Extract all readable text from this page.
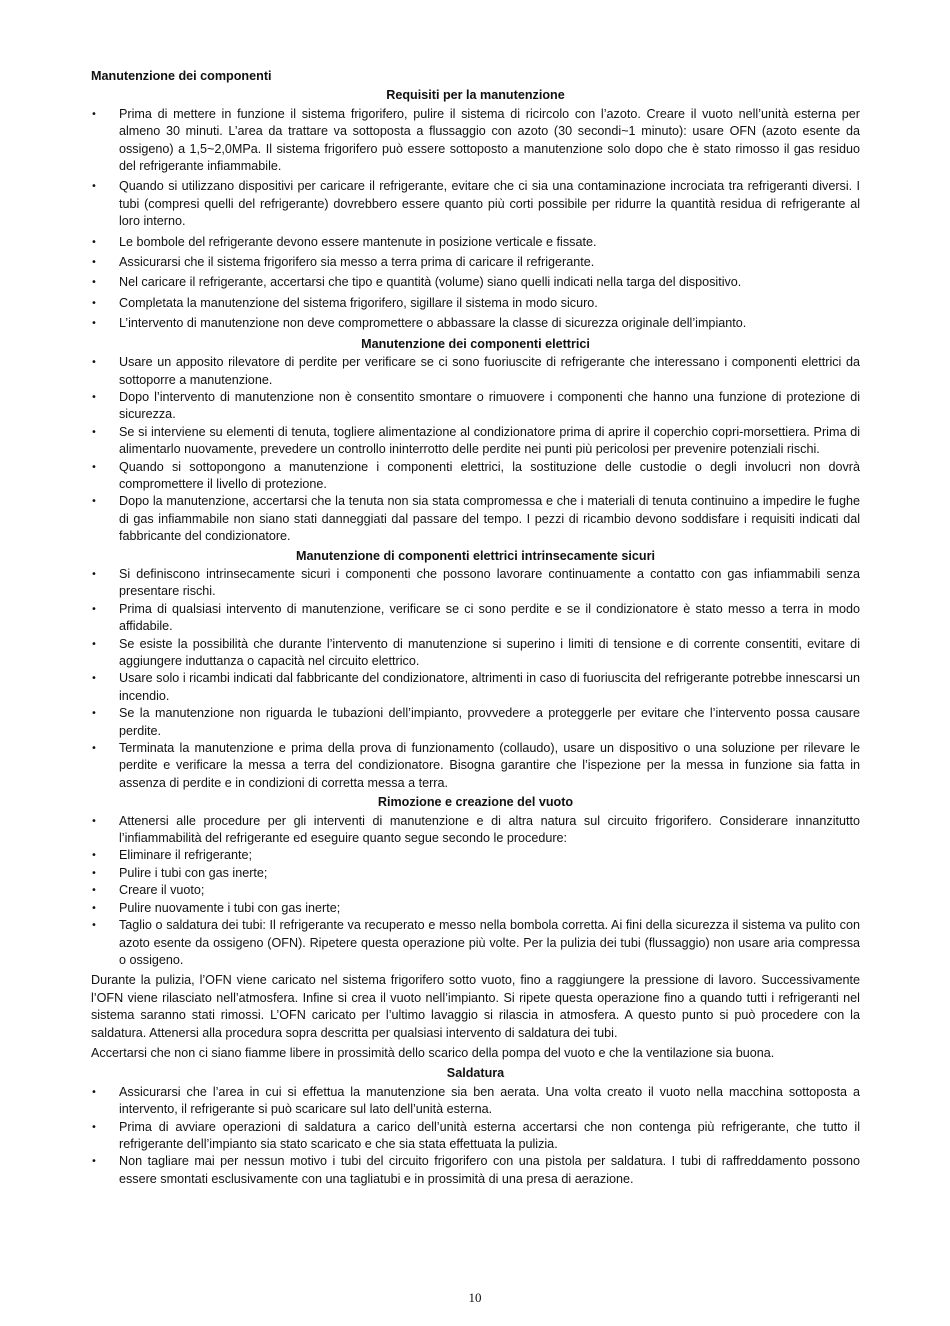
Manutenzione dei componenti
Requisiti per la manutenzione
• Prima di mettere in funzione il sistema frigorifero, pulire il sistema di ricircolo con l’azoto. Creare il vuoto nell’unità esterna per almeno 30 minuti. L’area da trattare va sottoposta a flussaggio con azoto (30 secondi~1 minuto): usare OFN (azoto esente da ossigeno) a 1,5~2,0MPa. Il sistema frigorifero può essere sottoposto a manutenzione solo dopo che è stato rimosso il gas residuo del refrigerante infiammabile.
• Quando si utilizzano dispositivi per caricare il refrigerante, evitare che ci sia una contaminazione incrociata tra refrigeranti diversi. I tubi (compresi quelli del refrigerante) dovrebbero essere quanto più corti possibile per ridurre la quantità residua di refrigerante al loro interno.
• Le bombole del refrigerante devono essere mantenute in posizione verticale e fissate.
• Assicurarsi che il sistema frigorifero sia messo a terra prima di caricare il refrigerante.
• Nel caricare il refrigerante, accertarsi che tipo e quantità (volume) siano quelli indicati nella targa del dispositivo.
• Completata la manutenzione del sistema frigorifero, sigillare il sistema in modo sicuro.
• L’intervento di manutenzione non deve compromettere o abbassare la classe di sicurezza originale dell’impianto.
Manutenzione dei componenti elettrici
• Usare un apposito rilevatore di perdite per verificare se ci sono fuoriuscite di refrigerante che interessano i componenti elettrici da sottoporre a manutenzione.
• Dopo l’intervento di manutenzione non è consentito smontare o rimuovere i componenti che hanno una funzione di protezione di sicurezza.
• Se si interviene su elementi di tenuta, togliere alimentazione al condizionatore prima di aprire il coperchio copri-morsettiera. Prima di alimentarlo nuovamente, prevedere un controllo ininterrotto delle perdite nei punti più pericolosi per prevenire potenziali rischi.
• Quando si sottopongono a manutenzione i componenti elettrici, la sostituzione delle custodie o degli involucri non dovrà compromettere il livello di protezione.
• Dopo la manutenzione, accertarsi che la tenuta non sia stata compromessa e che i materiali di tenuta continuino a impedire le fughe di gas infiammabile non siano stati danneggiati dal passare del tempo. I pezzi di ricambio devono soddisfare i requisiti indicati dal fabbricante del condizionatore.
Manutenzione di componenti elettrici intrinsecamente sicuri
• Si definiscono intrinsecamente sicuri i componenti che possono lavorare continuamente a contatto con gas infiammabili senza presentare rischi.
• Prima di qualsiasi intervento di manutenzione, verificare se ci sono perdite e se il condizionatore è stato messo a terra in modo affidabile.
• Se esiste la possibilità che durante l’intervento di manutenzione si superino i limiti di tensione e di corrente consentiti, evitare di aggiungere induttanza o capacità nel circuito elettrico.
• Usare solo i ricambi indicati dal fabbricante del condizionatore, altrimenti in caso di fuoriuscita del refrigerante potrebbe innescarsi un incendio.
• Se la manutenzione non riguarda le tubazioni dell’impianto, provvedere a proteggerle per evitare che l’intervento possa causare perdite.
• Terminata la manutenzione e prima della prova di funzionamento (collaudo), usare un dispositivo o una soluzione per rilevare le perdite e verificare la messa a terra del condizionatore. Bisogna garantire che l’ispezione per la messa in funzione sia fatta in assenza di perdite e in condizioni di corretta messa a terra.
Rimozione e creazione del vuoto
• Attenersi alle procedure per gli interventi di manutenzione e di altra natura sul circuito frigorifero. Considerare innanzitutto l’infiammabilità del refrigerante ed eseguire quanto segue secondo le procedure:
• Eliminare il refrigerante;
• Pulire i tubi con gas inerte;
• Creare il vuoto;
• Pulire nuovamente i tubi con gas inerte;
• Taglio o saldatura dei tubi: Il refrigerante va recuperato e messo nella bombola corretta. Ai fini della sicurezza il sistema va pulito con azoto esente da ossigeno (OFN). Ripetere questa operazione più volte. Per la pulizia dei tubi (flussaggio) non usare aria compressa o ossigeno.

Durante la pulizia, l’OFN viene caricato nel sistema frigorifero sotto vuoto, fino a raggiungere la pressione di lavoro. Successivamente l’OFN viene rilasciato nell’atmosfera. Infine si crea il vuoto nell’impianto. Si ripete questa operazione fino a quando tutti i refrigeranti nel sistema saranno stati rimossi. L’OFN caricato per l’ultimo lavaggio si rilascia in atmosfera. A questo punto si può procedere con la saldatura. Attenersi alla procedura sopra descritta per qualsiasi intervento di saldatura dei tubi.

Accertarsi che non ci siano fiamme libere in prossimità dello scarico della pompa del vuoto e che la ventilazione sia buona.

Saldatura
• Assicurarsi che l’area in cui si effettua la manutenzione sia ben aerata. Una volta creato il vuoto nella macchina sottoposta a intervento, il refrigerante si può scaricare sul lato dell’unità esterna.
• Prima di avviare operazioni di saldatura a carico dell’unità esterna accertarsi che non contenga più refrigerante, che tutto il refrigerante dell’impianto sia stato scaricato e che sia stata effettuata la pulizia.
• Non tagliare mai per nessun motivo i tubi del circuito frigorifero con una pistola per saldatura. I tubi di raffreddamento possono essere smontati esclusivamente con una tagliatubi e in prossimità di una presa di aerazione.
10
